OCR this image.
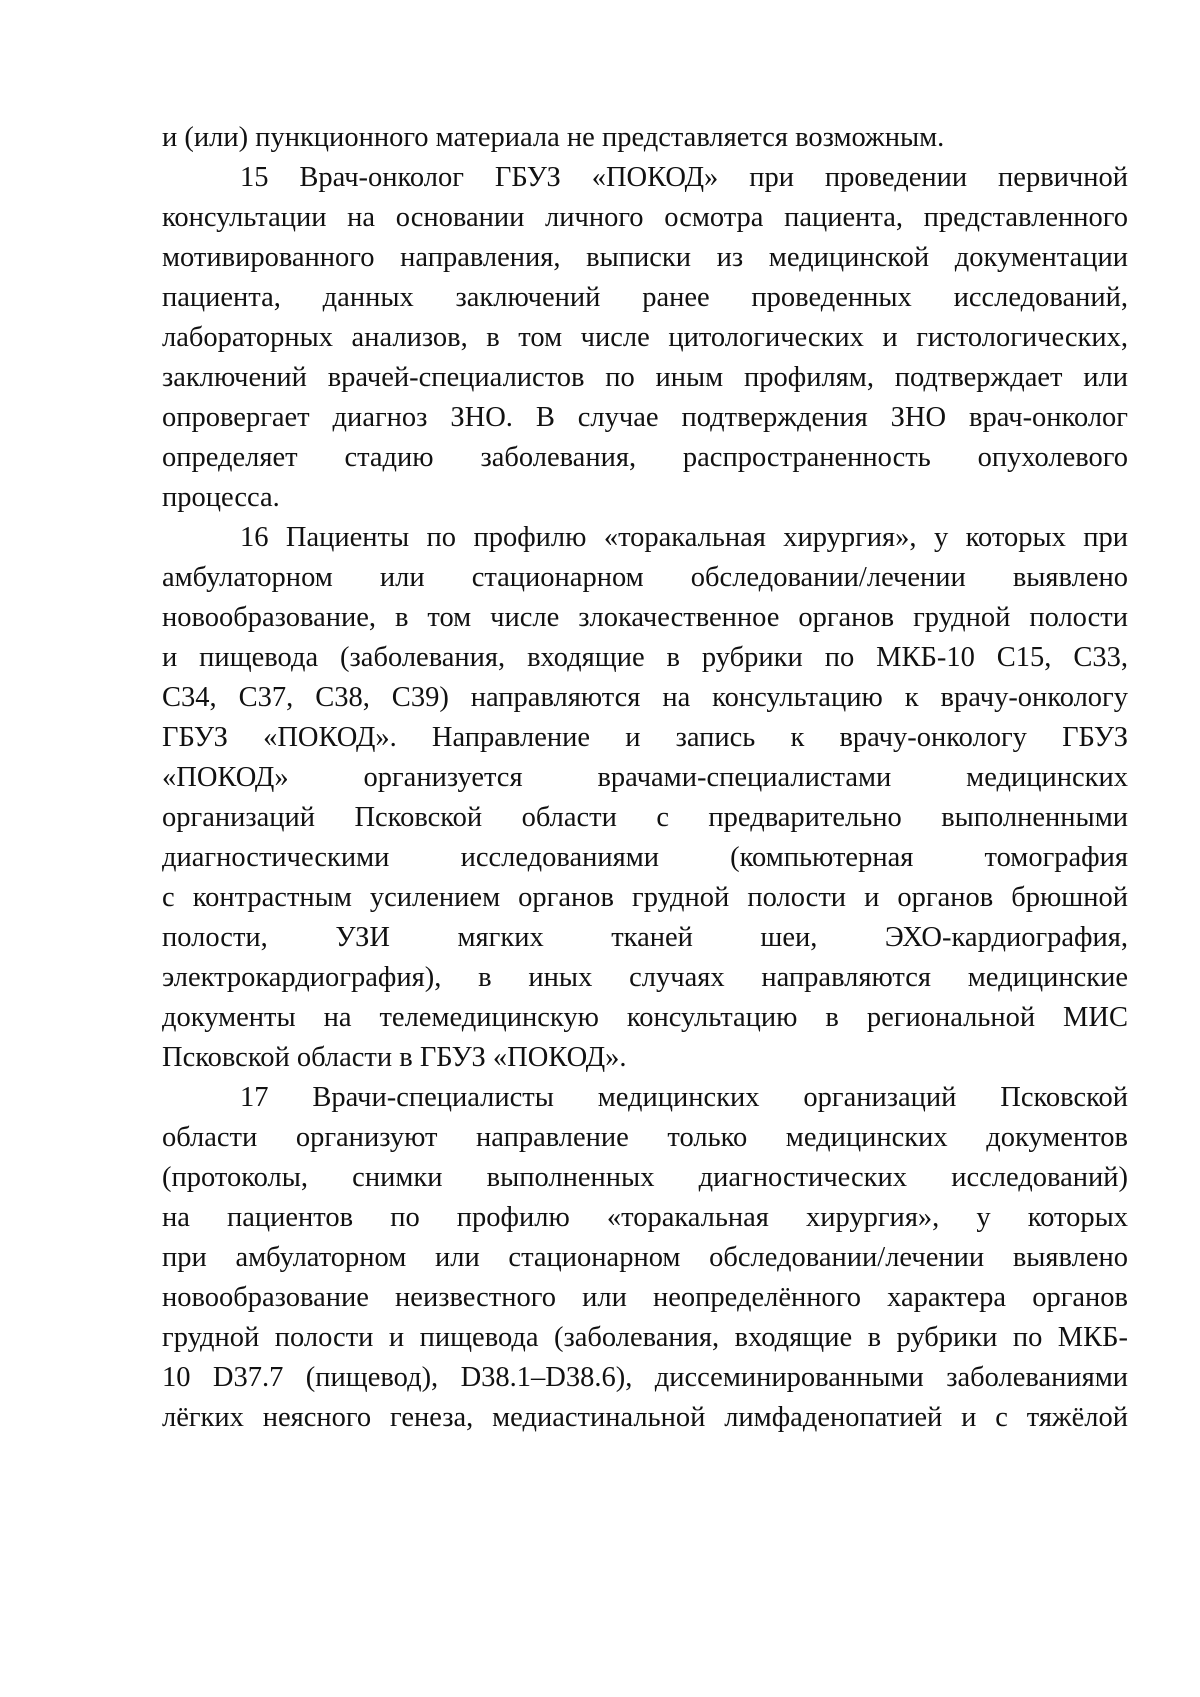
и (или) пункционного материала не представляется возможным.
15 Врач-онколог ГБУЗ «ПОКОД» при проведении первичной
консультации на основании личного осмотра пациента, представленного
мотивированного направления, выписки из медицинской документации
пациента, данных заключений ранее проведенных исследований,
лабораторных анализов, в том числе цитологических и гистологических,
заключений врачей-специалистов по иным профилям, подтверждает или
опровергает диагноз ЗНО. В случае подтверждения ЗНО врач-онколог
определяет стадию заболевания, распространенность опухолевого
процесса.
16 Пациенты по профилю «торакальная хирургия», у которых при
амбулаторном или стационарном обследовании/лечении выявлено
новообразование, в том числе злокачественное органов грудной полости
и пищевода (заболевания, входящие в рубрики по МКБ-10 С15, С33,
С34, С37, С38, С39) направляются на консультацию к врачу-онкологу
ГБУЗ «ПОКОД». Направление и запись к врачу-онкологу ГБУЗ
«ПОКОД» организуется врачами-специалистами медицинских
организаций Псковской области с предварительно выполненными
диагностическими исследованиями (компьютерная томография
с контрастным усилением органов грудной полости и органов брюшной
полости, УЗИ мягких тканей шеи, ЭХО-кардиография,
электрокардиография), в иных случаях направляются медицинские
документы на телемедицинскую консультацию в региональной МИС
Псковской области в ГБУЗ «ПОКОД».
17 Врачи-специалисты медицинских организаций Псковской
области организуют направление только медицинских документов
(протоколы, снимки выполненных диагностических исследований)
на пациентов по профилю «торакальная хирургия», у которых
при амбулаторном или стационарном обследовании/лечении выявлено
новообразование неизвестного или неопределённого характера органов
грудной полости и пищевода (заболевания, входящие в рубрики по МКБ-
10 D37.7 (пищевод), D38.1–D38.6), диссеминированными заболеваниями
лёгких неясного генеза, медиастинальной лимфаденопатией и с тяжёлой
